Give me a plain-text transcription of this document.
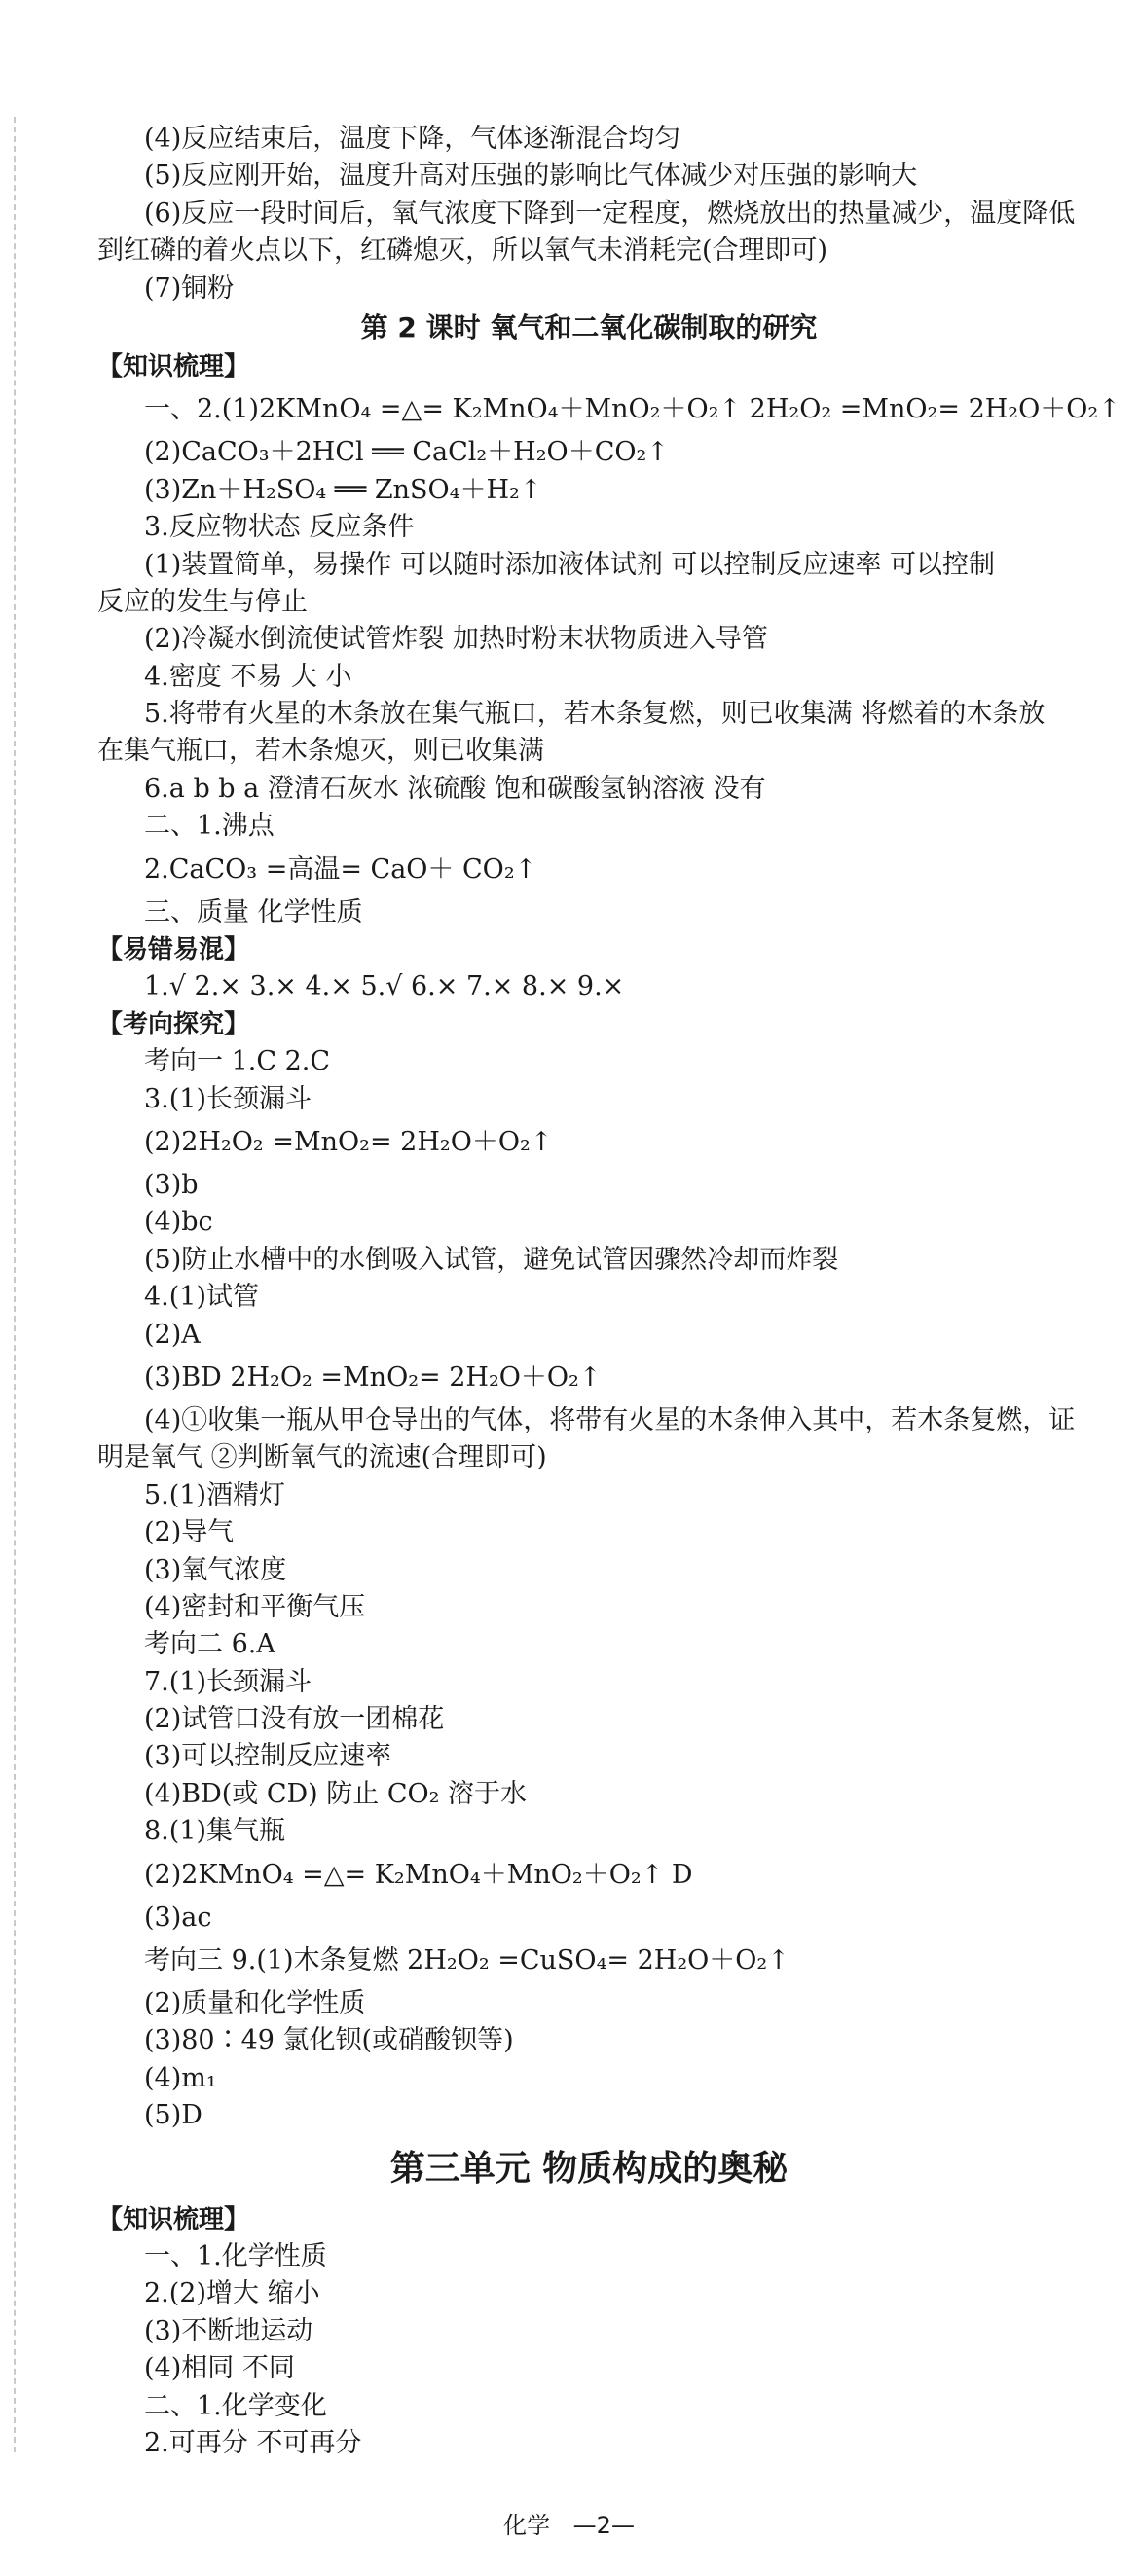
(4)反应结束后，温度下降，气体逐渐混合均匀
(5)反应刚开始，温度升高对压强的影响比气体减少对压强的影响大
(6)反应一段时间后，氧气浓度下降到一定程度，燃烧放出的热量减少，温度降低
到红磷的着火点以下，红磷熄灭，所以氧气未消耗完(合理即可)
(7)铜粉
第 2 课时 氧气和二氧化碳制取的研究
【知识梳理】
一、2.(1)2KMnO₄ =△= K₂MnO₄＋MnO₂＋O₂↑ 2H₂O₂ =MnO₂= 2H₂O＋O₂↑
(2)CaCO₃＋2HCl ══ CaCl₂＋H₂O＋CO₂↑
(3)Zn＋H₂SO₄ ══ ZnSO₄＋H₂↑
3.反应物状态 反应条件
(1)装置简单，易操作 可以随时添加液体试剂 可以控制反应速率 可以控制
反应的发生与停止
(2)冷凝水倒流使试管炸裂 加热时粉末状物质进入导管
4.密度 不易 大 小
5.将带有火星的木条放在集气瓶口，若木条复燃，则已收集满 将燃着的木条放
在集气瓶口，若木条熄灭，则已收集满
6.a b b a 澄清石灰水 浓硫酸 饱和碳酸氢钠溶液 没有
二、1.沸点
2.CaCO₃ =高温= CaO＋ CO₂↑
三、质量 化学性质
【易错易混】
1.√ 2.× 3.× 4.× 5.√ 6.× 7.× 8.× 9.×
【考向探究】
考向一 1.C 2.C
3.(1)长颈漏斗
(2)2H₂O₂ =MnO₂= 2H₂O＋O₂↑
(3)b
(4)bc
(5)防止水槽中的水倒吸入试管，避免试管因骤然冷却而炸裂
4.(1)试管
(2)A
(3)BD 2H₂O₂ =MnO₂= 2H₂O＋O₂↑
(4)①收集一瓶从甲仓导出的气体，将带有火星的木条伸入其中，若木条复燃，证
明是氧气 ②判断氧气的流速(合理即可)
5.(1)酒精灯
(2)导气
(3)氧气浓度
(4)密封和平衡气压
考向二 6.A
7.(1)长颈漏斗
(2)试管口没有放一团棉花
(3)可以控制反应速率
(4)BD(或 CD) 防止 CO₂ 溶于水
8.(1)集气瓶
(2)2KMnO₄ =△= K₂MnO₄＋MnO₂＋O₂↑ D
(3)ac
考向三 9.(1)木条复燃 2H₂O₂ =CuSO₄= 2H₂O＋O₂↑
(2)质量和化学性质
(3)80∶49 氯化钡(或硝酸钡等)
(4)m₁
(5)D
第三单元 物质构成的奥秘
【知识梳理】
一、1.化学性质
2.(2)增大 缩小
(3)不断地运动
(4)相同 不同
二、1.化学变化
2.可再分 不可再分
化学 —2—
